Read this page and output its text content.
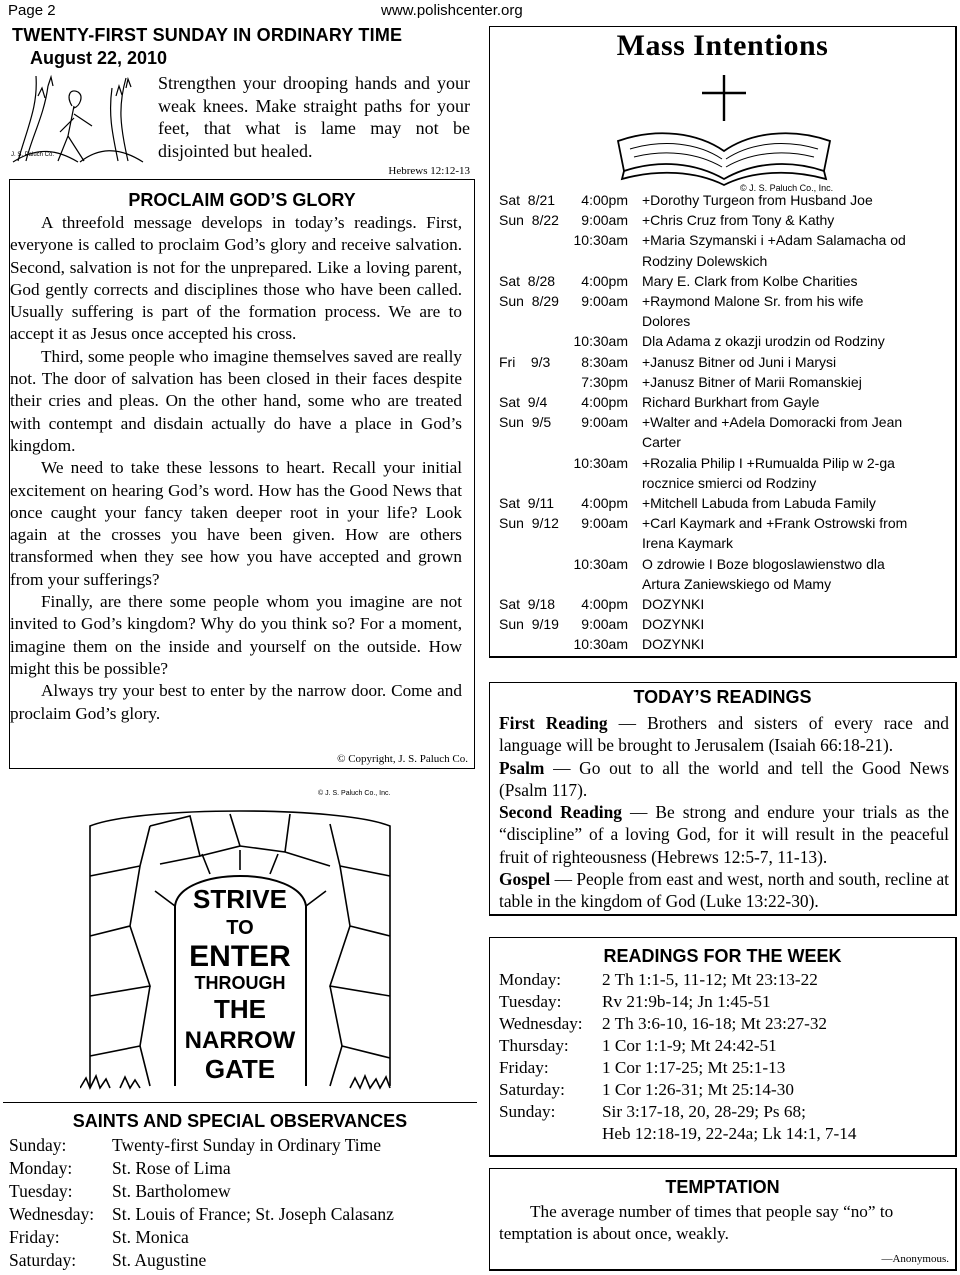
Page 2	www.polishcenter.org
TWENTY-FIRST SUNDAY IN ORDINARY TIME
August 22, 2010
J. S. Paluch Co.
Strengthen your drooping hands and your weak knees. Make straight paths for your feet, that what is lame may not be disjointed but healed.
Hebrews 12:12-13
PROCLAIM GOD’S GLORY

A threefold message develops in today’s readings. First, everyone is called to proclaim God’s glory and receive salvation. Second, salvation is not for the unprepared. Like a loving parent, God gently corrects and disciplines those who have been called. Usually suffering is part of the formation process. We are to accept it as Jesus once accepted his cross.

Third, some people who imagine themselves saved are really not. The door of salvation has been closed in their faces despite their cries and pleas. On the other hand, some who are treated with contempt and disdain actually do have a place in God’s kingdom.

We need to take these lessons to heart. Recall your initial excitement on hearing God’s word. How has the Good News that once caught your fancy taken deeper root in your life? Look again at the crosses you have been given. How are others transformed when they see how you have accepted and grown from your sufferings?

Finally, are there some people whom you imagine are not invited to God’s kingdom? Why do you think so? For a moment, imagine them on the inside and yourself on the outside. How might this be possible?

Always try your best to enter by the narrow door. Come and proclaim God’s glory.

© Copyright, J. S. Paluch Co.
© J. S. Paluch Co., Inc.
STRIVE
TO
ENTER
THROUGH
THE
NARROW
GATE
SAINTS AND SPECIAL OBSERVANCES
Sunday:	Twenty-first Sunday in Ordinary Time
Monday: St. Rose of Lima
Tuesday: St. Bartholomew
Wednesday: St. Louis of France; St. Joseph Calasanz
Friday:	St. Monica
Saturday: St. Augustine
Mass Intentions
© J. S. Paluch Co., Inc.
Sat  8/21	4:00pm +Dorothy Turgeon from Husband Joe
Sun  8/22	9:00am +Chris Cruz from Tony & Kathy
10:30am +Maria Szymanski i +Adam Salamacha od
Rodziny Dolewskich
Sat  8/28	4:00pm Mary E. Clark from Kolbe Charities
Sun  8/29	9:00am +Raymond Malone Sr. from his wife
Dolores
10:30am Dla Adama z okazji urodzin od Rodziny
Fri    9/3	8:30am +Janusz Bitner od Juni i Marysi
7:30pm +Janusz Bitner of Marii Romanskiej
Sat  9/4	4:00pm Richard Burkhart from Gayle
Sun  9/5	9:00am +Walter and +Adela Domoracki from Jean
Carter
10:30am +Rozalia Philip I +Rumualda Pilip w 2-ga
rocznice smierci od Rodziny
Sat  9/11	4:00pm +Mitchell Labuda from Labuda Family
Sun  9/12	9:00am +Carl Kaymark and +Frank Ostrowski from
Irena Kaymark
10:30am O zdrowie I Boze blogoslawienstwo dla
Artura Zaniewskiego od Mamy
Sat  9/18	4:00pm DOZYNKI
Sun  9/19	9:00am DOZYNKI
10:30am DOZYNKI
TODAY’S READINGS

First Reading — Brothers and sisters of every race and language will be brought to Jerusalem (Isaiah 66:18-21).

Psalm — Go out to all the world and tell the Good News (Psalm 117).

Second Reading — Be strong and endure your trials as the “discipline” of a loving God, for it will result in the peaceful fruit of righteousness (Hebrews 12:5-7, 11-13).

Gospel — People from east and west, north and south, recline at table in the kingdom of God (Luke 13:22-30).

READINGS FOR THE WEEK
Monday: 2 Th 1:1-5, 11-12; Mt 23:13-22
Tuesday: Rv 21:9b-14; Jn 1:45-51
Wednesday: 2 Th 3:6-10, 16-18; Mt 23:27-32
Thursday: 1 Cor 1:1-9; Mt 24:42-51
Friday:	1 Cor 1:17-25; Mt 25:1-13
Saturday: 1 Cor 1:26-31; Mt 25:14-30
Sunday:	Sir 3:17-18, 20, 28-29; Ps 68;
Heb 12:18-19, 22-24a; Lk 14:1, 7-14
TEMPTATION
The average number of times that people say “no” to temptation is about once, weakly.
—Anonymous.
